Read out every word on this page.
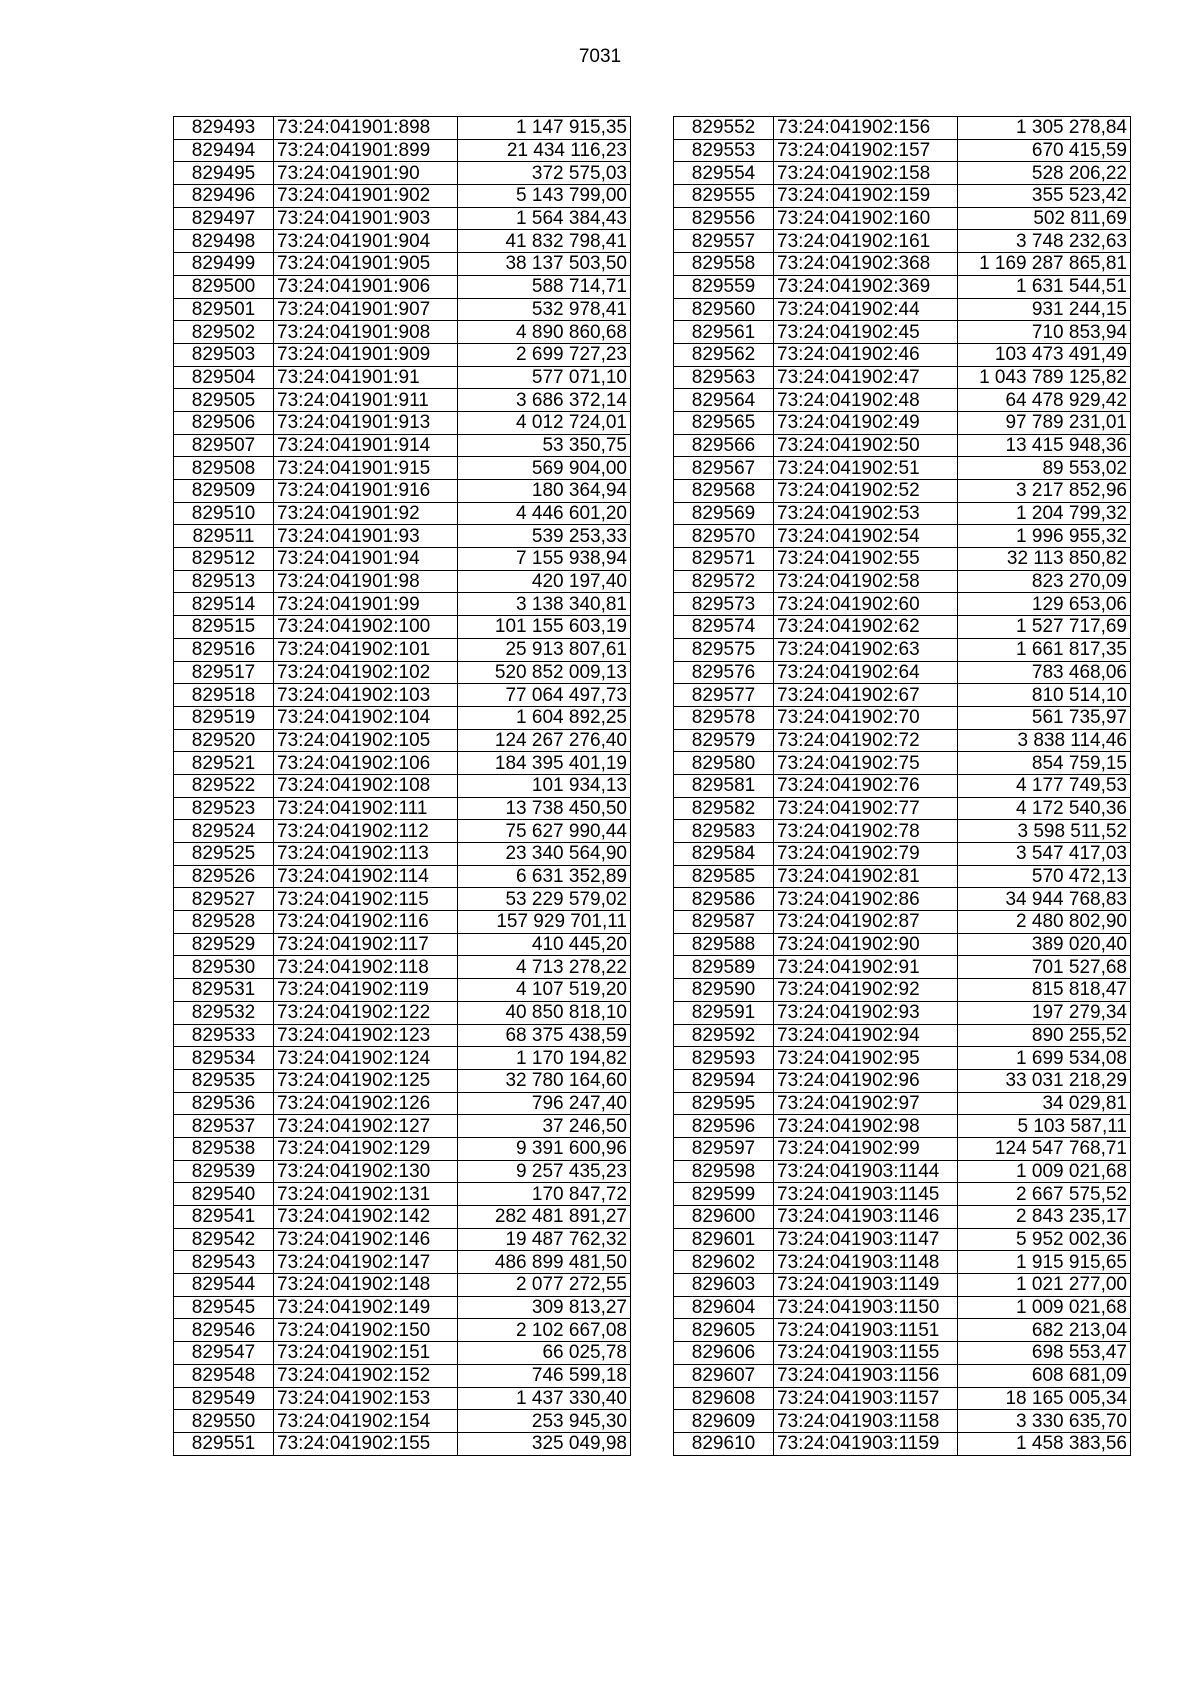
7031
829493	73:24:041901:898	1 147 915,35
829494	73:24:041901:899	21 434 116,23
829495	73:24:041901:90	372 575,03
829496	73:24:041901:902	5 143 799,00
829497	73:24:041901:903	1 564 384,43
829498	73:24:041901:904	41 832 798,41
829499	73:24:041901:905	38 137 503,50
829500	73:24:041901:906	588 714,71
829501	73:24:041901:907	532 978,41
829502	73:24:041901:908	4 890 860,68
829503	73:24:041901:909	2 699 727,23
829504	73:24:041901:91	577 071,10
829505	73:24:041901:911	3 686 372,14
829506	73:24:041901:913	4 012 724,01
829507	73:24:041901:914	53 350,75
829508	73:24:041901:915	569 904,00
829509	73:24:041901:916	180 364,94
829510	73:24:041901:92	4 446 601,20
829511	73:24:041901:93	539 253,33
829512	73:24:041901:94	7 155 938,94
829513	73:24:041901:98	420 197,40
829514	73:24:041901:99	3 138 340,81
829515	73:24:041902:100	101 155 603,19
829516	73:24:041902:101	25 913 807,61
829517	73:24:041902:102	520 852 009,13
829518	73:24:041902:103	77 064 497,73
829519	73:24:041902:104	1 604 892,25
829520	73:24:041902:105	124 267 276,40
829521	73:24:041902:106	184 395 401,19
829522	73:24:041902:108	101 934,13
829523	73:24:041902:111	13 738 450,50
829524	73:24:041902:112	75 627 990,44
829525	73:24:041902:113	23 340 564,90
829526	73:24:041902:114	6 631 352,89
829527	73:24:041902:115	53 229 579,02
829528	73:24:041902:116	157 929 701,11
829529	73:24:041902:117	410 445,20
829530	73:24:041902:118	4 713 278,22
829531	73:24:041902:119	4 107 519,20
829532	73:24:041902:122	40 850 818,10
829533	73:24:041902:123	68 375 438,59
829534	73:24:041902:124	1 170 194,82
829535	73:24:041902:125	32 780 164,60
829536	73:24:041902:126	796 247,40
829537	73:24:041902:127	37 246,50
829538	73:24:041902:129	9 391 600,96
829539	73:24:041902:130	9 257 435,23
829540	73:24:041902:131	170 847,72
829541	73:24:041902:142	282 481 891,27
829542	73:24:041902:146	19 487 762,32
829543	73:24:041902:147	486 899 481,50
829544	73:24:041902:148	2 077 272,55
829545	73:24:041902:149	309 813,27
829546	73:24:041902:150	2 102 667,08
829547	73:24:041902:151	66 025,78
829548	73:24:041902:152	746 599,18
829549	73:24:041902:153	1 437 330,40
829550	73:24:041902:154	253 945,30
829551	73:24:041902:155	325 049,98
829552	73:24:041902:156	1 305 278,84
829553	73:24:041902:157	670 415,59
829554	73:24:041902:158	528 206,22
829555	73:24:041902:159	355 523,42
829556	73:24:041902:160	502 811,69
829557	73:24:041902:161	3 748 232,63
829558	73:24:041902:368	1 169 287 865,81
829559	73:24:041902:369	1 631 544,51
829560	73:24:041902:44	931 244,15
829561	73:24:041902:45	710 853,94
829562	73:24:041902:46	103 473 491,49
829563	73:24:041902:47	1 043 789 125,82
829564	73:24:041902:48	64 478 929,42
829565	73:24:041902:49	97 789 231,01
829566	73:24:041902:50	13 415 948,36
829567	73:24:041902:51	89 553,02
829568	73:24:041902:52	3 217 852,96
829569	73:24:041902:53	1 204 799,32
829570	73:24:041902:54	1 996 955,32
829571	73:24:041902:55	32 113 850,82
829572	73:24:041902:58	823 270,09
829573	73:24:041902:60	129 653,06
829574	73:24:041902:62	1 527 717,69
829575	73:24:041902:63	1 661 817,35
829576	73:24:041902:64	783 468,06
829577	73:24:041902:67	810 514,10
829578	73:24:041902:70	561 735,97
829579	73:24:041902:72	3 838 114,46
829580	73:24:041902:75	854 759,15
829581	73:24:041902:76	4 177 749,53
829582	73:24:041902:77	4 172 540,36
829583	73:24:041902:78	3 598 511,52
829584	73:24:041902:79	3 547 417,03
829585	73:24:041902:81	570 472,13
829586	73:24:041902:86	34 944 768,83
829587	73:24:041902:87	2 480 802,90
829588	73:24:041902:90	389 020,40
829589	73:24:041902:91	701 527,68
829590	73:24:041902:92	815 818,47
829591	73:24:041902:93	197 279,34
829592	73:24:041902:94	890 255,52
829593	73:24:041902:95	1 699 534,08
829594	73:24:041902:96	33 031 218,29
829595	73:24:041902:97	34 029,81
829596	73:24:041902:98	5 103 587,11
829597	73:24:041902:99	124 547 768,71
829598	73:24:041903:1144	1 009 021,68
829599	73:24:041903:1145	2 667 575,52
829600	73:24:041903:1146	2 843 235,17
829601	73:24:041903:1147	5 952 002,36
829602	73:24:041903:1148	1 915 915,65
829603	73:24:041903:1149	1 021 277,00
829604	73:24:041903:1150	1 009 021,68
829605	73:24:041903:1151	682 213,04
829606	73:24:041903:1155	698 553,47
829607	73:24:041903:1156	608 681,09
829608	73:24:041903:1157	18 165 005,34
829609	73:24:041903:1158	3 330 635,70
829610	73:24:041903:1159	1 458 383,56
